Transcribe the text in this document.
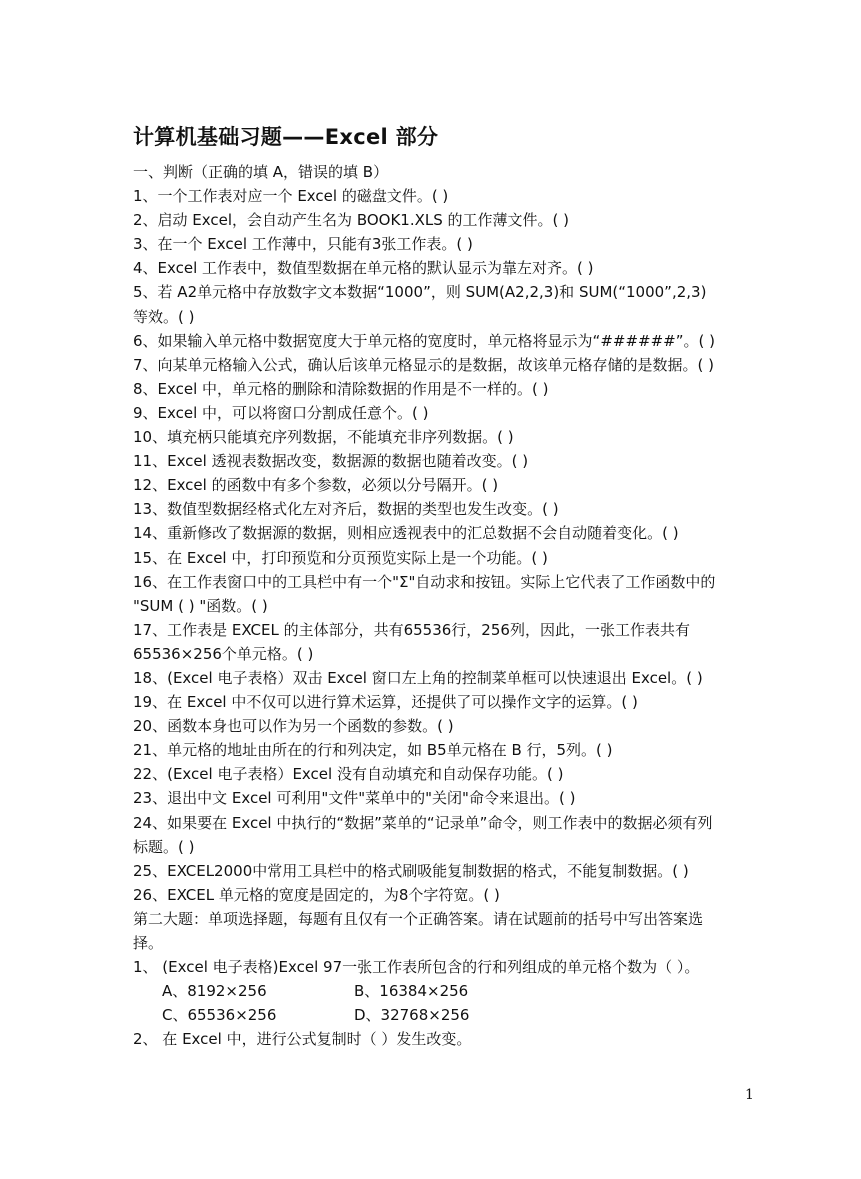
计算机基础习题——Excel 部分
一、判断（正确的填 A，错误的填 B）
1、一个工作表对应一个 Excel 的磁盘文件。( )
2、启动 Excel，会自动产生名为 BOOK1.XLS 的工作薄文件。( )
3、在一个 Excel 工作薄中，只能有3张工作表。( )
4、Excel 工作表中，数值型数据在单元格的默认显示为靠左对齐。( )
5、若 A2单元格中存放数字文本数据“1000”，则 SUM(A2,2,3)和 SUM(“1000”,2,3)
等效。( )
6、如果输入单元格中数据宽度大于单元格的宽度时，单元格将显示为“######”。( )
7、向某单元格输入公式，确认后该单元格显示的是数据，故该单元格存储的是数据。( )
8、Excel 中，单元格的删除和清除数据的作用是不一样的。( )
9、Excel 中，可以将窗口分割成任意个。( )
10、填充柄只能填充序列数据，不能填充非序列数据。( )
11、Excel 透视表数据改变，数据源的数据也随着改变。( )
12、Excel 的函数中有多个参数，必须以分号隔开。( )
13、数值型数据经格式化左对齐后，数据的类型也发生改变。( )
14、重新修改了数据源的数据，则相应透视表中的汇总数据不会自动随着变化。( )
15、在 Excel 中，打印预览和分页预览实际上是一个功能。( )
16、在工作表窗口中的工具栏中有一个"Σ"自动求和按钮。实际上它代表了工作函数中的
"SUM ( ) "函数。( )
17、工作表是 EXCEL 的主体部分，共有65536行，256列，因此，一张工作表共有
65536×256个单元格。( )
18、(Excel 电子表格）双击 Excel 窗口左上角的控制菜单框可以快速退出 Excel。( )
19、在 Excel 中不仅可以进行算术运算，还提供了可以操作文字的运算。( )
20、函数本身也可以作为另一个函数的参数。( )
21、单元格的地址由所在的行和列决定，如 B5单元格在 B 行，5列。( )
22、(Excel 电子表格）Excel 没有自动填充和自动保存功能。( )
23、退出中文 Excel 可利用"文件"菜单中的"关闭"命令来退出。( )
24、如果要在 Excel 中执行的“数据”菜单的“记录单”命令，则工作表中的数据必须有列
标题。( )
25、EXCEL2000中常用工具栏中的格式刷吸能复制数据的格式，不能复制数据。( )
26、EXCEL 单元格的宽度是固定的，为8个字符宽。( )
第二大题：单项选择题，每题有且仅有一个正确答案。请在试题前的括号中写出答案选
择。
1、 (Excel 电子表格)Excel 97一张工作表所包含的行和列组成的单元格个数为（ ）。
A、8192×256	B、16384×256
C、65536×256	D、32768×256
2、 在 Excel 中，进行公式复制时（ ）发生改变。
1
